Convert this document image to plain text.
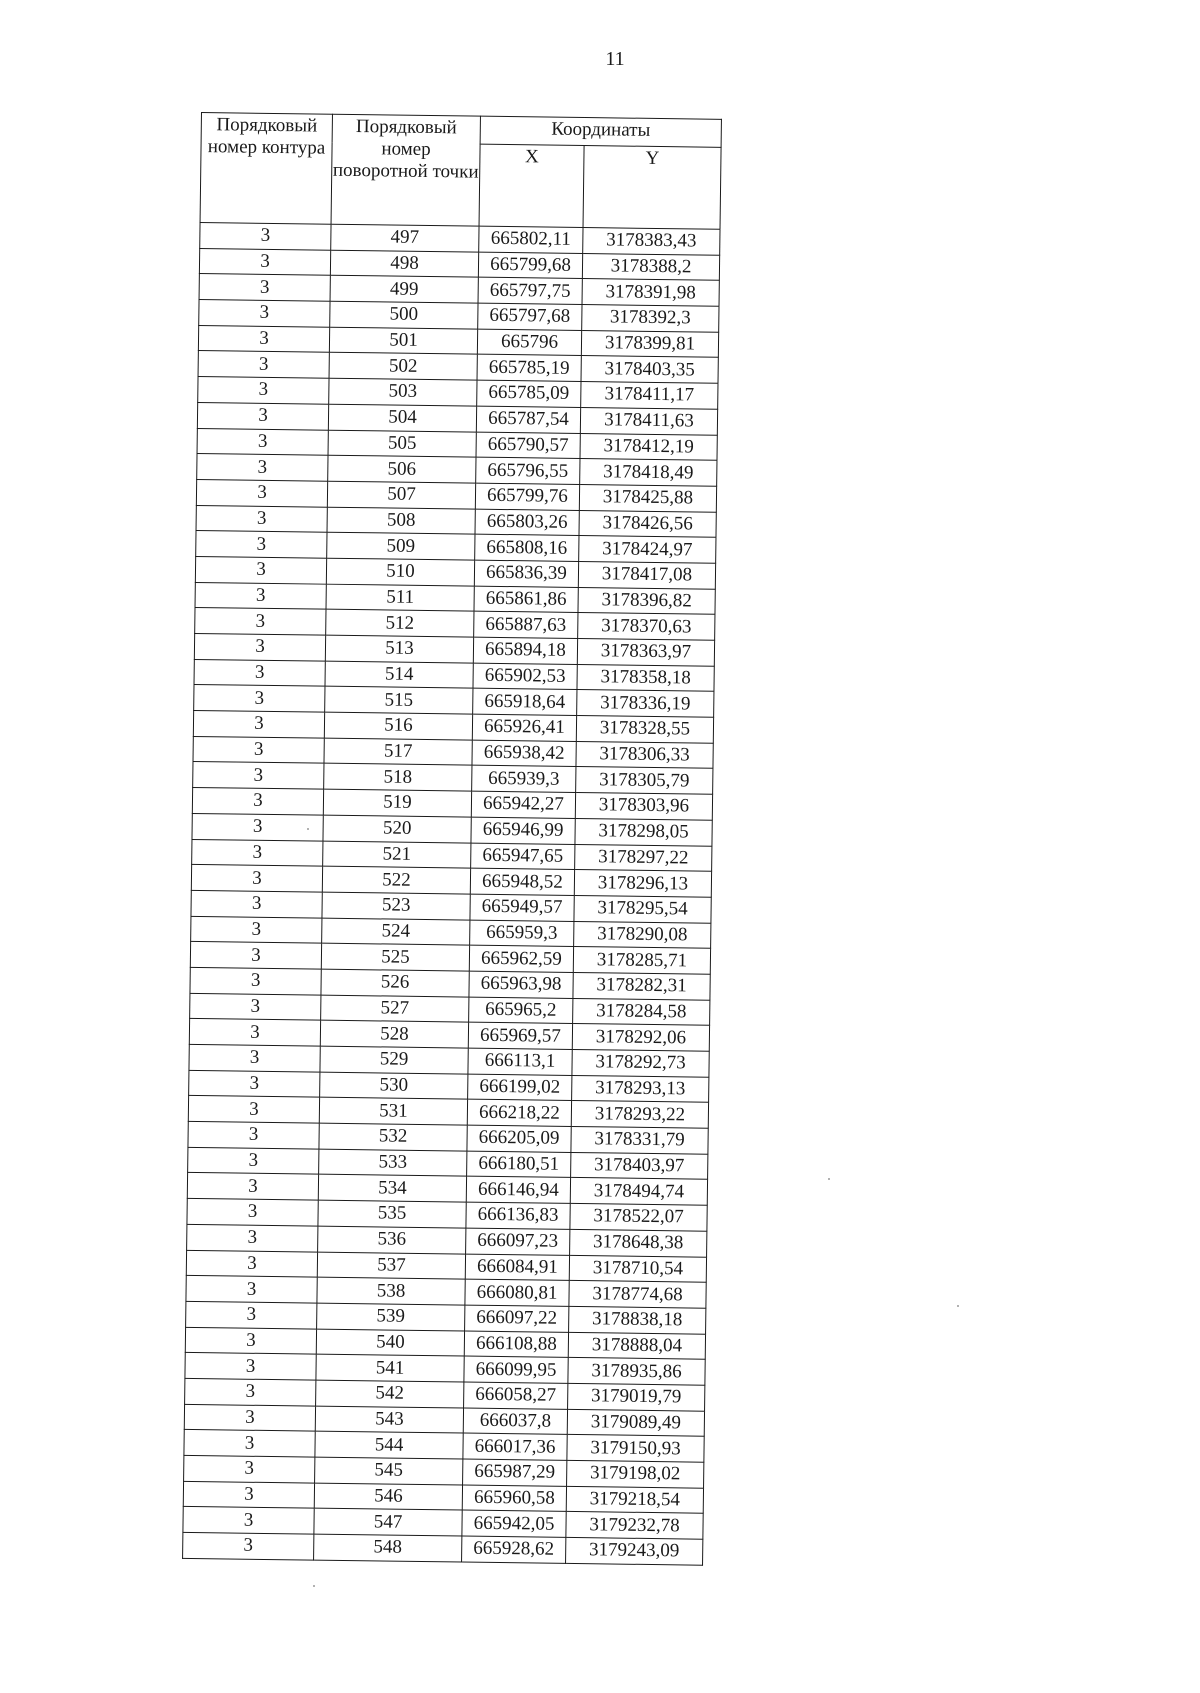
11
Порядковый номер контура	Порядковый номер поворотной точки	Координаты	
		X	Y
3	497	665802,11	3178383,43
3	498	665799,68	3178388,2
3	499	665797,75	3178391,98
3	500	665797,68	3178392,3
3	501	665796	3178399,81
3	502	665785,19	3178403,35
3	503	665785,09	3178411,17
3	504	665787,54	3178411,63
3	505	665790,57	3178412,19
3	506	665796,55	3178418,49
3	507	665799,76	3178425,88
3	508	665803,26	3178426,56
3	509	665808,16	3178424,97
3	510	665836,39	3178417,08
3	511	665861,86	3178396,82
3	512	665887,63	3178370,63
3	513	665894,18	3178363,97
3	514	665902,53	3178358,18
3	515	665918,64	3178336,19
3	516	665926,41	3178328,55
3	517	665938,42	3178306,33
3	518	665939,3	3178305,79
3	519	665942,27	3178303,96
3	520	665946,99	3178298,05
3	521	665947,65	3178297,22
3	522	665948,52	3178296,13
3	523	665949,57	3178295,54
3	524	665959,3	3178290,08
3	525	665962,59	3178285,71
3	526	665963,98	3178282,31
3	527	665965,2	3178284,58
3	528	665969,57	3178292,06
3	529	666113,1	3178292,73
3	530	666199,02	3178293,13
3	531	666218,22	3178293,22
3	532	666205,09	3178331,79
3	533	666180,51	3178403,97
3	534	666146,94	3178494,74
3	535	666136,83	3178522,07
3	536	666097,23	3178648,38
3	537	666084,91	3178710,54
3	538	666080,81	3178774,68
3	539	666097,22	3178838,18
3	540	666108,88	3178888,04
3	541	666099,95	3178935,86
3	542	666058,27	3179019,79
3	543	666037,8	3179089,49
3	544	666017,36	3179150,93
3	545	665987,29	3179198,02
3	546	665960,58	3179218,54
3	547	665942,05	3179232,78
3	548	665928,62	3179243,09
